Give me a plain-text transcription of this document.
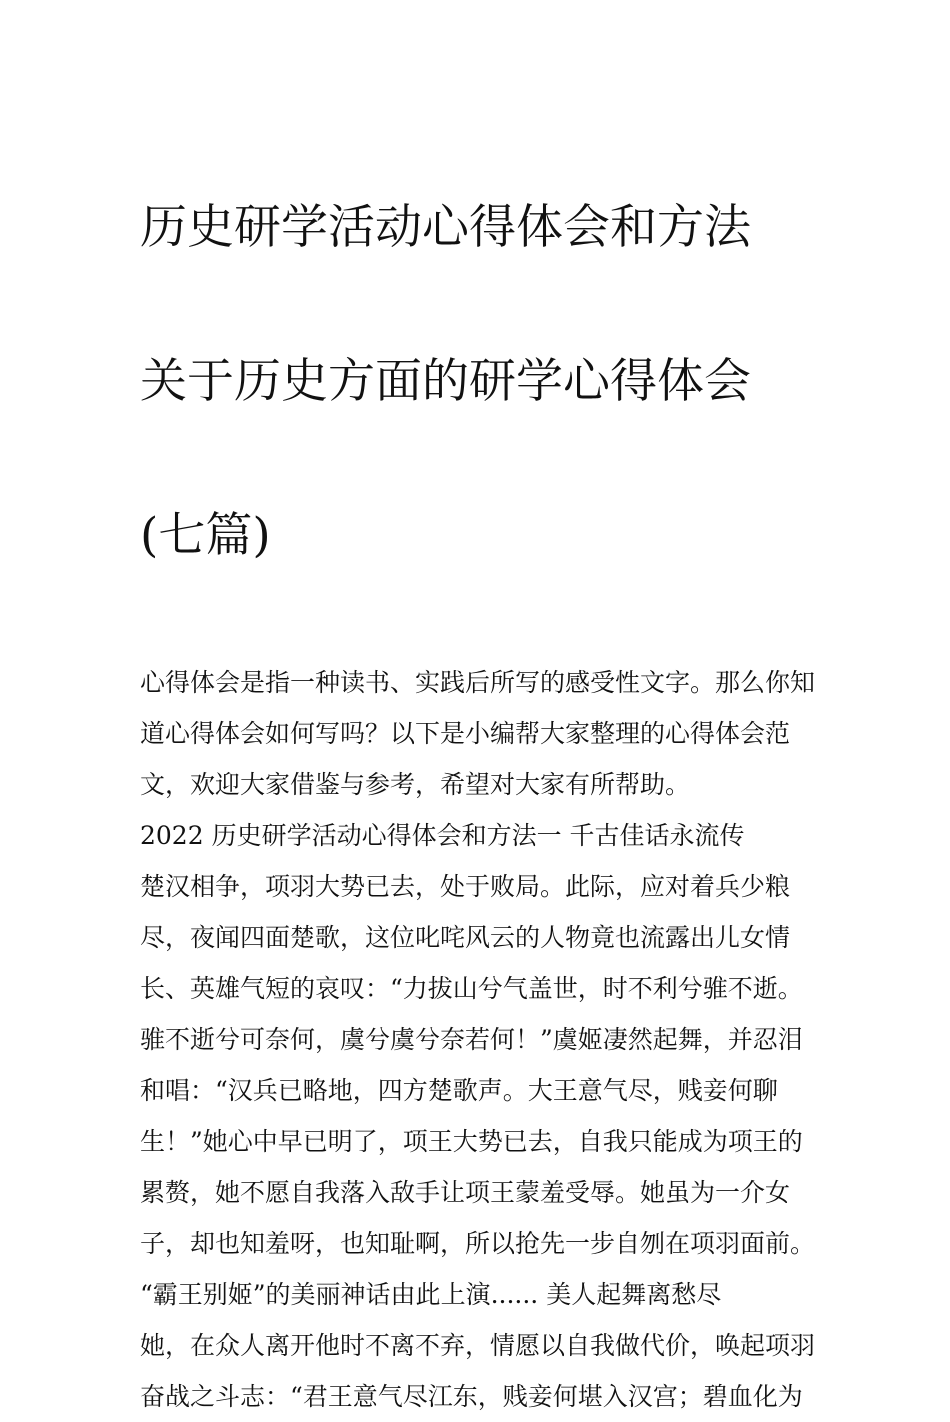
历史研学活动心得体会和方法

关于历史方面的研学心得体会

(七篇)

心得体会是指一种读书、实践后所写的感受性文字。那么你知
道心得体会如何写吗？以下是小编帮大家整理的心得体会范
文，欢迎大家借鉴与参考，希望对大家有所帮助。
2022 历史研学活动心得体会和方法一 千古佳话永流传
楚汉相争，项羽大势已去，处于败局。此际，应对着兵少粮
尽，夜闻四面楚歌，这位叱咤风云的人物竟也流露出儿女情
长、英雄气短的哀叹：“力拔山兮气盖世，时不利兮骓不逝。
骓不逝兮可奈何，虞兮虞兮奈若何！”虞姬凄然起舞，并忍泪
和唱：“汉兵已略地，四方楚歌声。大王意气尽，贱妾何聊
生！”她心中早已明了，项王大势已去，自我只能成为项王的
累赘，她不愿自我落入敌手让项王蒙羞受辱。她虽为一介女
子，却也知羞呀，也知耻啊，所以抢先一步自刎在项羽面前。
“霸王别姬”的美丽神话由此上演...... 美人起舞离愁尽
她，在众人离开他时不离不弃，情愿以自我做代价，唤起项羽
奋战之斗志：“君王意气尽江东，贱妾何堪入汉宫；碧血化为
